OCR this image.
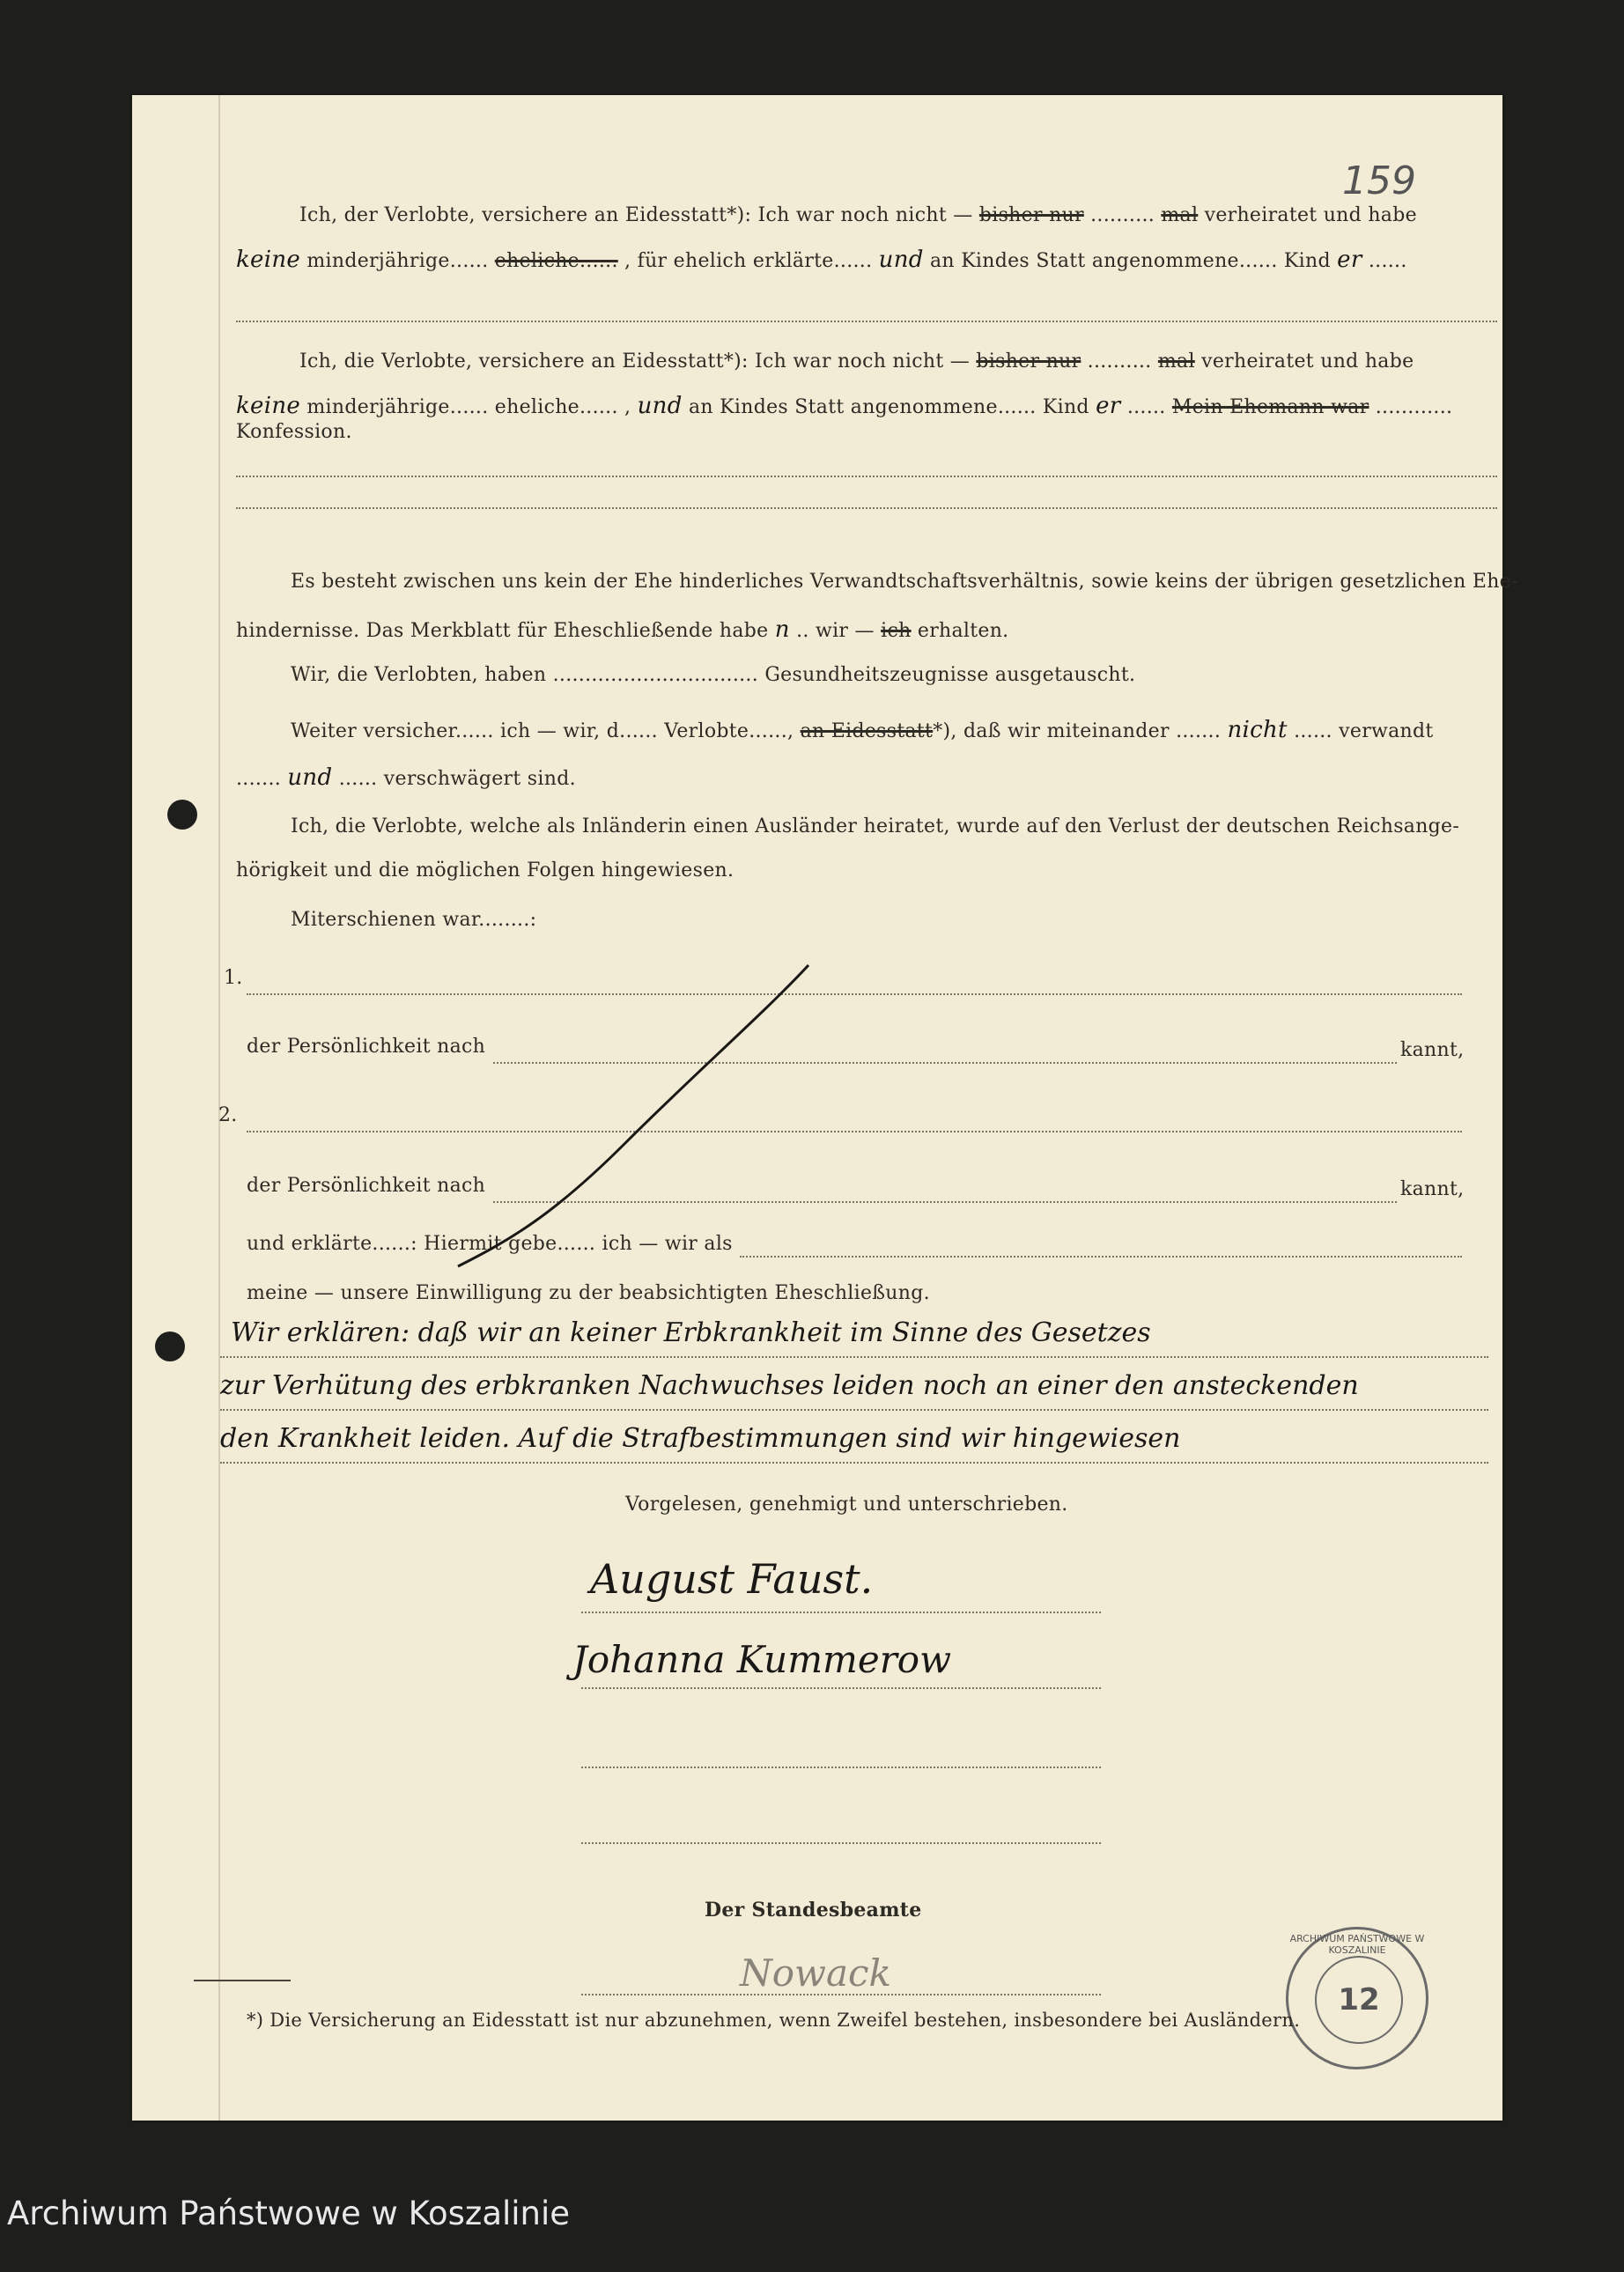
159
Ich, der Verlobte, versichere an Eidesstatt*): Ich war noch nicht — bisher nur .......... mal verheiratet und habe
keine minderjährige...... eheliche...... , für ehelich erklärte...... und an Kindes Statt angenommene...... Kind er ......
Ich, die Verlobte, versichere an Eidesstatt*): Ich war noch nicht — bisher nur .......... mal verheiratet und habe
keine minderjährige...... eheliche...... , und an Kindes Statt angenommene...... Kind er ...... Mein Ehemann war ............
Konfession.
Es besteht zwischen uns kein der Ehe hinderliches Verwandtschaftsverhältnis, sowie keins der übrigen gesetzlichen Ehe-
hindernisse. Das Merkblatt für Eheschließende habe n .. wir — ich erhalten.
Wir, die Verlobten, haben ................................ Gesundheitszeugnisse ausgetauscht.
Weiter versicher...... ich — wir, d...... Verlobte......, an Eidesstatt*), daß wir miteinander ....... nicht ...... verwandt
....... und ...... verschwägert sind.
Ich, die Verlobte, welche als Inländerin einen Ausländer heiratet, wurde auf den Verlust der deutschen Reichsange-
hörigkeit und die möglichen Folgen hingewiesen.
Miterschienen war........:
1.
der Persönlichkeit nach	kannt,
2.
der Persönlichkeit nach	kannt,
und erklärte......: Hiermit gebe...... ich — wir als
meine — unsere Einwilligung zu der beabsichtigten Eheschließung.
Wir erklären: daß wir an keiner Erbkrankheit im Sinne des Gesetzes
zur Verhütung des erbkranken Nachwuchses leiden noch an einer den ansteckenden
den Krankheit leiden. Auf die Strafbestimmungen sind wir hingewiesen
Vorgelesen, genehmigt und unterschrieben.
August Faust.
Johanna Kummerow
Der Standesbeamte
Nowack
ARCHIWUM PAŃSTWOWE W KOSZALINIE
12
*) Die Versicherung an Eidesstatt ist nur abzunehmen, wenn Zweifel bestehen, insbesondere bei Ausländern.
Archiwum Państwowe w Koszalinie
